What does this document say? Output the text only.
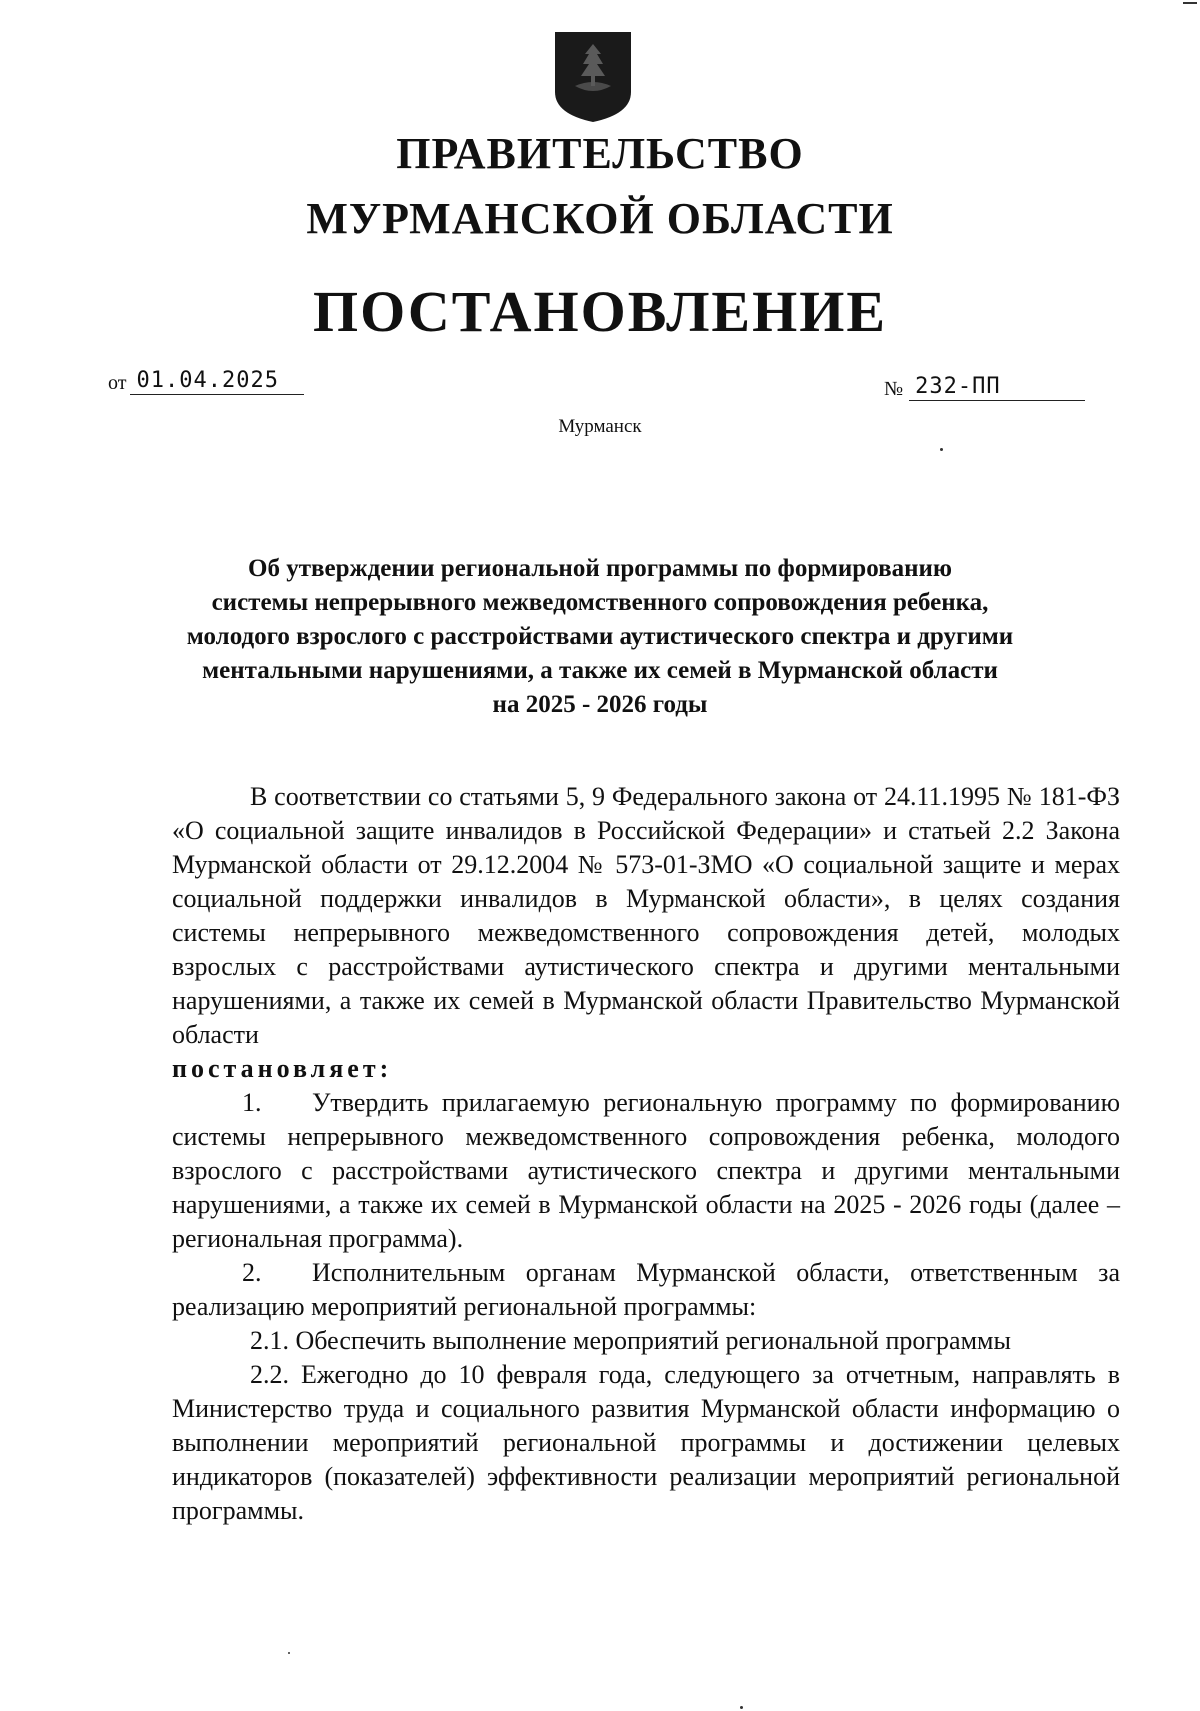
ПРАВИТЕЛЬСТВО
МУРМАНСКОЙ ОБЛАСТИ
ПОСТАНОВЛЕНИЕ
от 01.04.2025	№ 232-ПП
Мурманск
Об утверждении региональной программы по формированию
системы непрерывного межведомственного сопровождения ребенка,
молодого взрослого с расстройствами аутистического спектра и другими
ментальными нарушениями, а также их семей в Мурманской области
на 2025 - 2026 годы

В соответствии со статьями 5, 9 Федерального закона от 24.11.1995 № 181-ФЗ «О социальной защите инвалидов в Российской Федерации» и статьей 2.2 Закона Мурманской области от 29.12.2004 № 573-01-ЗМО «О социальной защите и мерах социальной поддержки инвалидов в Мурманской области», в целях создания системы непрерывного межведомственного сопровождения детей, молодых взрослых с расстройствами аутистического спектра и другими ментальными нарушениями, а также их семей в Мурманской области Правительство Мурманской области

постановляет:

1.	Утвердить прилагаемую региональную программу по формированию системы непрерывного межведомственного сопровождения ребенка, молодого взрослого с расстройствами аутистического спектра и другими ментальными нарушениями, а также их семей в Мурманской области на 2025 - 2026 годы (далее – региональная программа).

2.	Исполнительным органам Мурманской области, ответственным за реализацию мероприятий региональной программы:

2.1. Обеспечить выполнение мероприятий региональной программы

2.2. Ежегодно до 10 февраля года, следующего за отчетным, направлять в Министерство труда и социального развития Мурманской области информацию о выполнении мероприятий региональной программы и достижении целевых индикаторов (показателей) эффективности реализации мероприятий региональной программы.
